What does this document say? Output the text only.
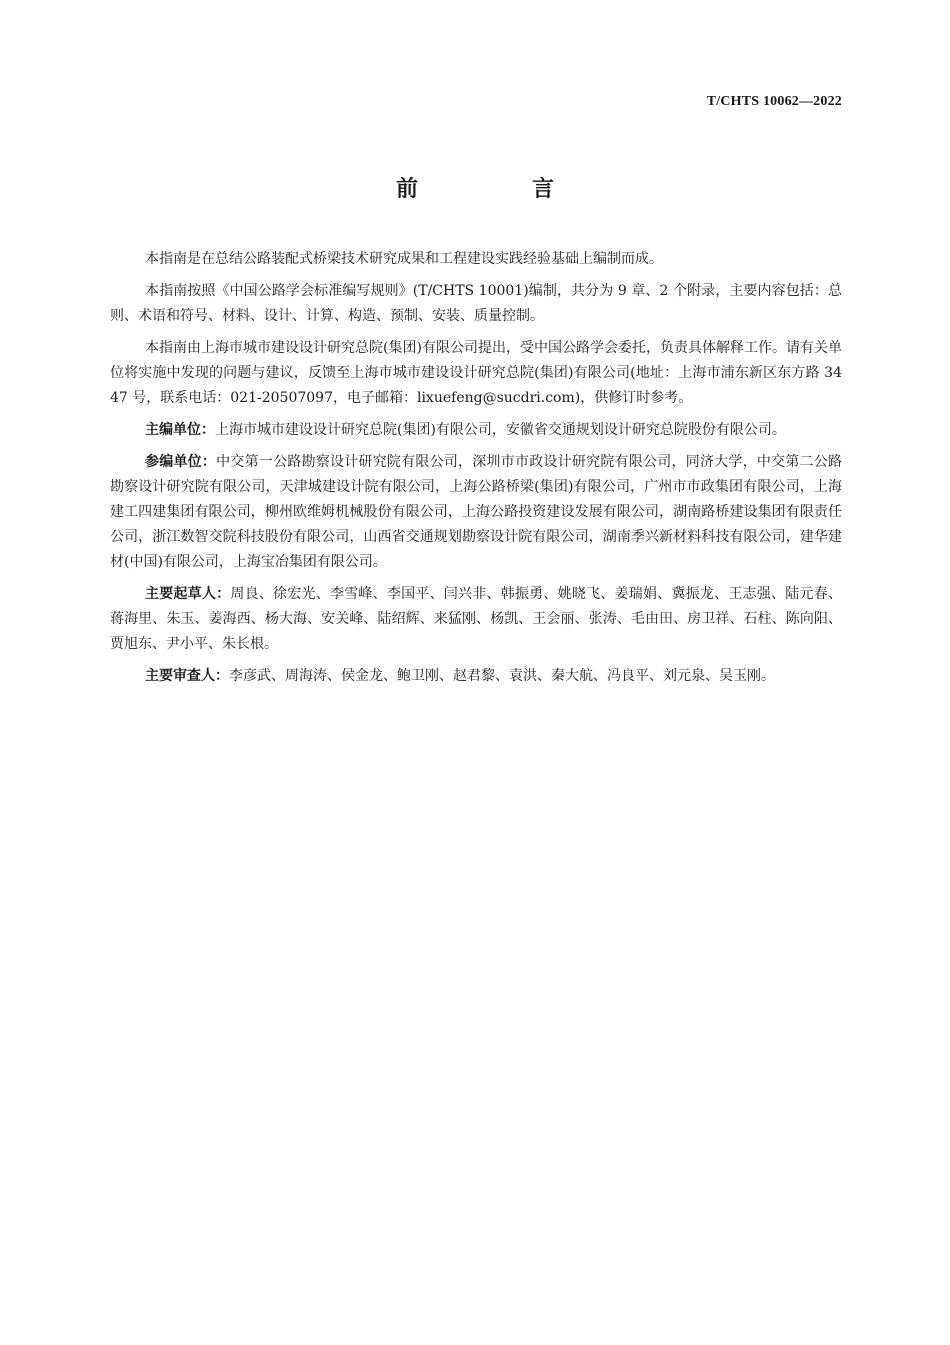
T/CHTS 10062—2022
前　言

本指南是在总结公路装配式桥梁技术研究成果和工程建设实践经验基础上编制而成。

本指南按照《中国公路学会标准编写规则》(T/CHTS 10001)编制，共分为 9 章、2 个附录，主要内容包括：总则、术语和符号、材料、设计、计算、构造、预制、安装、质量控制。

本指南由上海市城市建设设计研究总院(集团)有限公司提出，受中国公路学会委托，负责具体解释工作。请有关单位将实施中发现的问题与建议，反馈至上海市城市建设设计研究总院(集团)有限公司(地址：上海市浦东新区东方路 3447 号，联系电话：021-20507097，电子邮箱：lixuefeng@sucdri.com)，供修订时参考。

主编单位：上海市城市建设设计研究总院(集团)有限公司，安徽省交通规划设计研究总院股份有限公司。

参编单位：中交第一公路勘察设计研究院有限公司，深圳市市政设计研究院有限公司，同济大学，中交第二公路勘察设计研究院有限公司，天津城建设计院有限公司，上海公路桥梁(集团)有限公司，广州市市政集团有限公司，上海建工四建集团有限公司，柳州欧维姆机械股份有限公司，上海公路投资建设发展有限公司，湖南路桥建设集团有限责任公司，浙江数智交院科技股份有限公司，山西省交通规划勘察设计院有限公司，湖南季兴新材料科技有限公司，建华建材(中国)有限公司，上海宝冶集团有限公司。

主要起草人：周良、徐宏光、李雪峰、李国平、闫兴非、韩振勇、姚晓飞、姜瑞娟、冀振龙、王志强、陆元春、蒋海里、朱玉、姜海西、杨大海、安关峰、陆绍辉、来猛刚、杨凯、王会丽、张涛、毛由田、房卫祥、石柱、陈向阳、贾旭东、尹小平、朱长根。

主要审查人：李彦武、周海涛、侯金龙、鲍卫刚、赵君黎、袁洪、秦大航、冯良平、刘元泉、吴玉刚。
